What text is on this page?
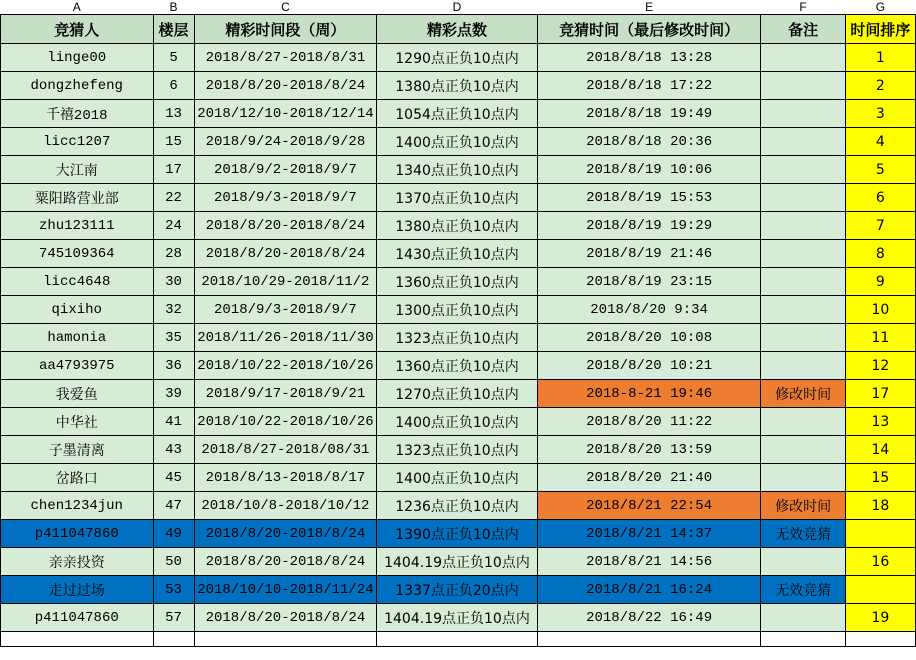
A	B	C	D	E	F	G
竞猜人	楼层	精彩时间段（周）	精彩点数	竞猜时间（最后修改时间）	备注	时间排序
linge00	5	2018/8/27-2018/8/31	1290点正负10点内	2018/8/18 13:28		1
dongzhefeng	6	2018/8/20-2018/8/24	1380点正负10点内	2018/8/18 17:22		2
千禧2018	13	2018/12/10-2018/12/14	1054点正负10点内	2018/8/18 19:49		3
licc1207	15	2018/9/24-2018/9/28	1400点正负10点内	2018/8/18 20:36		4
大江南	17	2018/9/2-2018/9/7	1340点正负10点内	2018/8/19 10:06		5
粟阳路营业部	22	2018/9/3-2018/9/7	1370点正负10点内	2018/8/19 15:53		6
zhu123111	24	2018/8/20-2018/8/24	1380点正负10点内	2018/8/19 19:29		7
745109364	28	2018/8/20-2018/8/24	1430点正负10点内	2018/8/19 21:46		8
licc4648	30	2018/10/29-2018/11/2	1360点正负10点内	2018/8/19 23:15		9
qixiho	32	2018/9/3-2018/9/7	1300点正负10点内	2018/8/20 9:34		10
hamonia	35	2018/11/26-2018/11/30	1323点正负10点内	2018/8/20 10:08		11
aa4793975	36	2018/10/22-2018/10/26	1360点正负10点内	2018/8/20 10:21		12
我爱鱼	39	2018/9/17-2018/9/21	1270点正负10点内	2018-8-21 19:46	修改时间	17
中华社	41	2018/10/22-2018/10/26	1400点正负10点内	2018/8/20 11:22		13
子墨清离	43	2018/8/27-2018/08/31	1323点正负10点内	2018/8/20 13:59		14
岔路口	45	2018/8/13-2018/8/17	1400点正负10点内	2018/8/20 21:40		15
chen1234jun	47	2018/10/8-2018/10/12	1236点正负10点内	2018/8/21 22:54	修改时间	18
p411047860	49	2018/8/20-2018/8/24	1390点正负10点内	2018/8/21 14:37	无效竞猜	
亲亲投资	50	2018/8/20-2018/8/24	1404.19点正负10点内	2018/8/21 14:56		16
走过过场	53	2018/10/10-2018/11/24	1337点正负20点内	2018/8/21 16:24	无效竞猜	
p411047860	57	2018/8/20-2018/8/24	1404.19点正负10点内	2018/8/22 16:49		19
